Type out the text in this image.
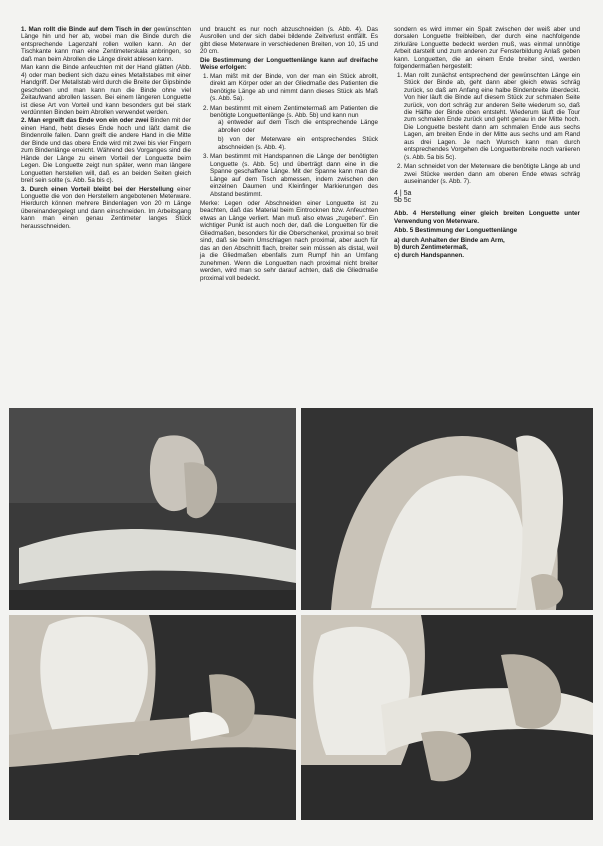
1. Man rollt die Binde auf dem Tisch in der gewünschten Länge hin und her ab, wobei man die Binde durch die entsprechende Lagenzahl rollen wollen kann. An der Tischkante kann man eine Zentimeterskala anbringen, so daß man beim Abrollen die Länge direkt ablesen kann.

Man kann die Binde anfeuchten mit der Hand glätten (Abb. 4) oder man bedient sich dazu eines Metallstabes mit einer Handgriff. Der Metallstab wird durch die Breite der Gipsbinde geschoben und man kann nun die Binde ohne viel Zeitaufwand abrollen lassen. Bei einem längeren Longuette ist diese Art von Vorteil und kann besonders gut bei stark verdünnten Binden beim Abrollen verwendet werden.

2. Man ergreift das Ende von ein oder zwei Binden mit der einen Hand, hebt dieses Ende hoch und läßt damit die Bindenrolle fallen. Dann greift die andere Hand in die Mitte der Binde und das obere Ende wird mit zwei bis vier Fingern zum Bindenlänge erreicht. Während des Vorganges sind die Hände der Länge zu einem Vorteil der Longuette beim Legen. Die Longuette zeigt nun später, wenn man längere Longuetten herstellen will, daß es an beiden Seiten gleich breit sein sollte (s. Abb. 5a bis c).

3. Durch einen Vorteil bleibt bei der Herstellung einer Longuette die von den Herstellern angebotenen Meterware. Hierdurch können mehrere Bindenlagen von 20 m Länge übereinandergelegt und dann einschneiden. Im Arbeitsgang kann man einen genau Zentimeter langes Stück herausschneiden.

und braucht es nur noch abzuschneiden (s. Abb. 4). Das Ausrollen und der sich dabei bildende Zeitverlust entfällt. Es gibt diese Meterware in verschiedenen Breiten, von 10, 15 und 20 cm.

Die Bestimmung der Longuettenlänge kann auf dreifache Weise erfolgen:

1. Man mißt mit der Binde, von der man ein Stück abrollt, direkt am Körper oder an der Gliedmaße des Patienten die benötigte Länge ab und nimmt dann dieses Stück als Maß (s. Abb. 5a).
2. Man bestimmt mit einem Zentimetermaß am Patienten die benötigte Longuettenlänge (s. Abb. 5b) und kann nun
a) entweder auf dem Tisch die entsprechende Länge abrollen oder
b) von der Meterware ein entsprechendes Stück abschneiden (s. Abb. 4).
3. Man bestimmt mit Handspannen die Länge der benötigten Longuette (s. Abb. 5c) und überträgt dann eine in die Spanne geschaffene Länge. Mit der Spanne kann man die Länge auf dem Tisch abmessen, indem zwischen den einzelnen Daumen und Kleinfinger Markierungen des Abstand bestimmt.

Merke: Legen oder Abschneiden einer Longuette ist zu beachten, daß das Material beim Eintrocknen bzw. Anfeuchten etwas an Länge verliert. Man muß also etwas „zugeben". Ein wichtiger Punkt ist auch noch der, daß die Longuetten für die Gliedmaßen, besonders für die Oberschenkel, proximal so breit sind, daß sie beim Umschlagen nach proximal, aber auch für das an den Abschnitt flach, breiter sein müssen als distal, weil ja die Gliedmaßen ebenfalls zum Rumpf hin an Umfang zunehmen. Wenn die Longuetten nach proximal nicht breiter werden, wird man so sehr darauf achten, daß die Gliedmaße proximal voll bedeckt.

sondern es wird immer ein Spalt zwischen der weiß aber und dorsalen Longuette freibleiben, der durch eine nachfolgende zirkuläre Longuette bedeckt werden muß, was einmal unnötige Arbeit darstellt und zum anderen zur Fensterbildung Anlaß geben kann. Longuetten, die an einem Ende breiter sind, werden folgendermaßen hergestellt:

1. Man rollt zunächst entsprechend der gewünschten Länge ein Stück der Binde ab, geht dann aber gleich etwas schräg zurück, so daß am Anfang eine halbe Bindenbreite überdeckt. Von hier läuft die Binde auf diesem Stück zur schmalen Seite zurück, von dort schräg zur anderen Seite wiederum so, daß die Hälfte der Binde oben entsteht. Wiederum läuft die Tour zum schmalen Ende zurück und geht genau in der Mitte hoch. Die Longuette besteht dann am schmalen Ende aus sechs Lagen, am breiten Ende in der Mitte aus sechs und am Rand aus drei Lagen. Je nach Wunsch kann man durch entsprechendes Vorgehen die Longuettenbreite noch variieren (s. Abb. 5a bis 5c).
2. Man schneidet von der Meterware die benötigte Länge ab und zwei Stücke werden dann am oberen Ende etwas schräg auseinander (s. Abb. 7).
4 | 5a
5b 5c

Abb. 4 Herstellung einer gleich breiten Longuette unter Verwendung von Meterware.

Abb. 5 Bestimmung der Longuettenlänge

a) durch Anhalten der Binde am Arm,
b) durch Zentimetermaß,
c) durch Handspannen.
